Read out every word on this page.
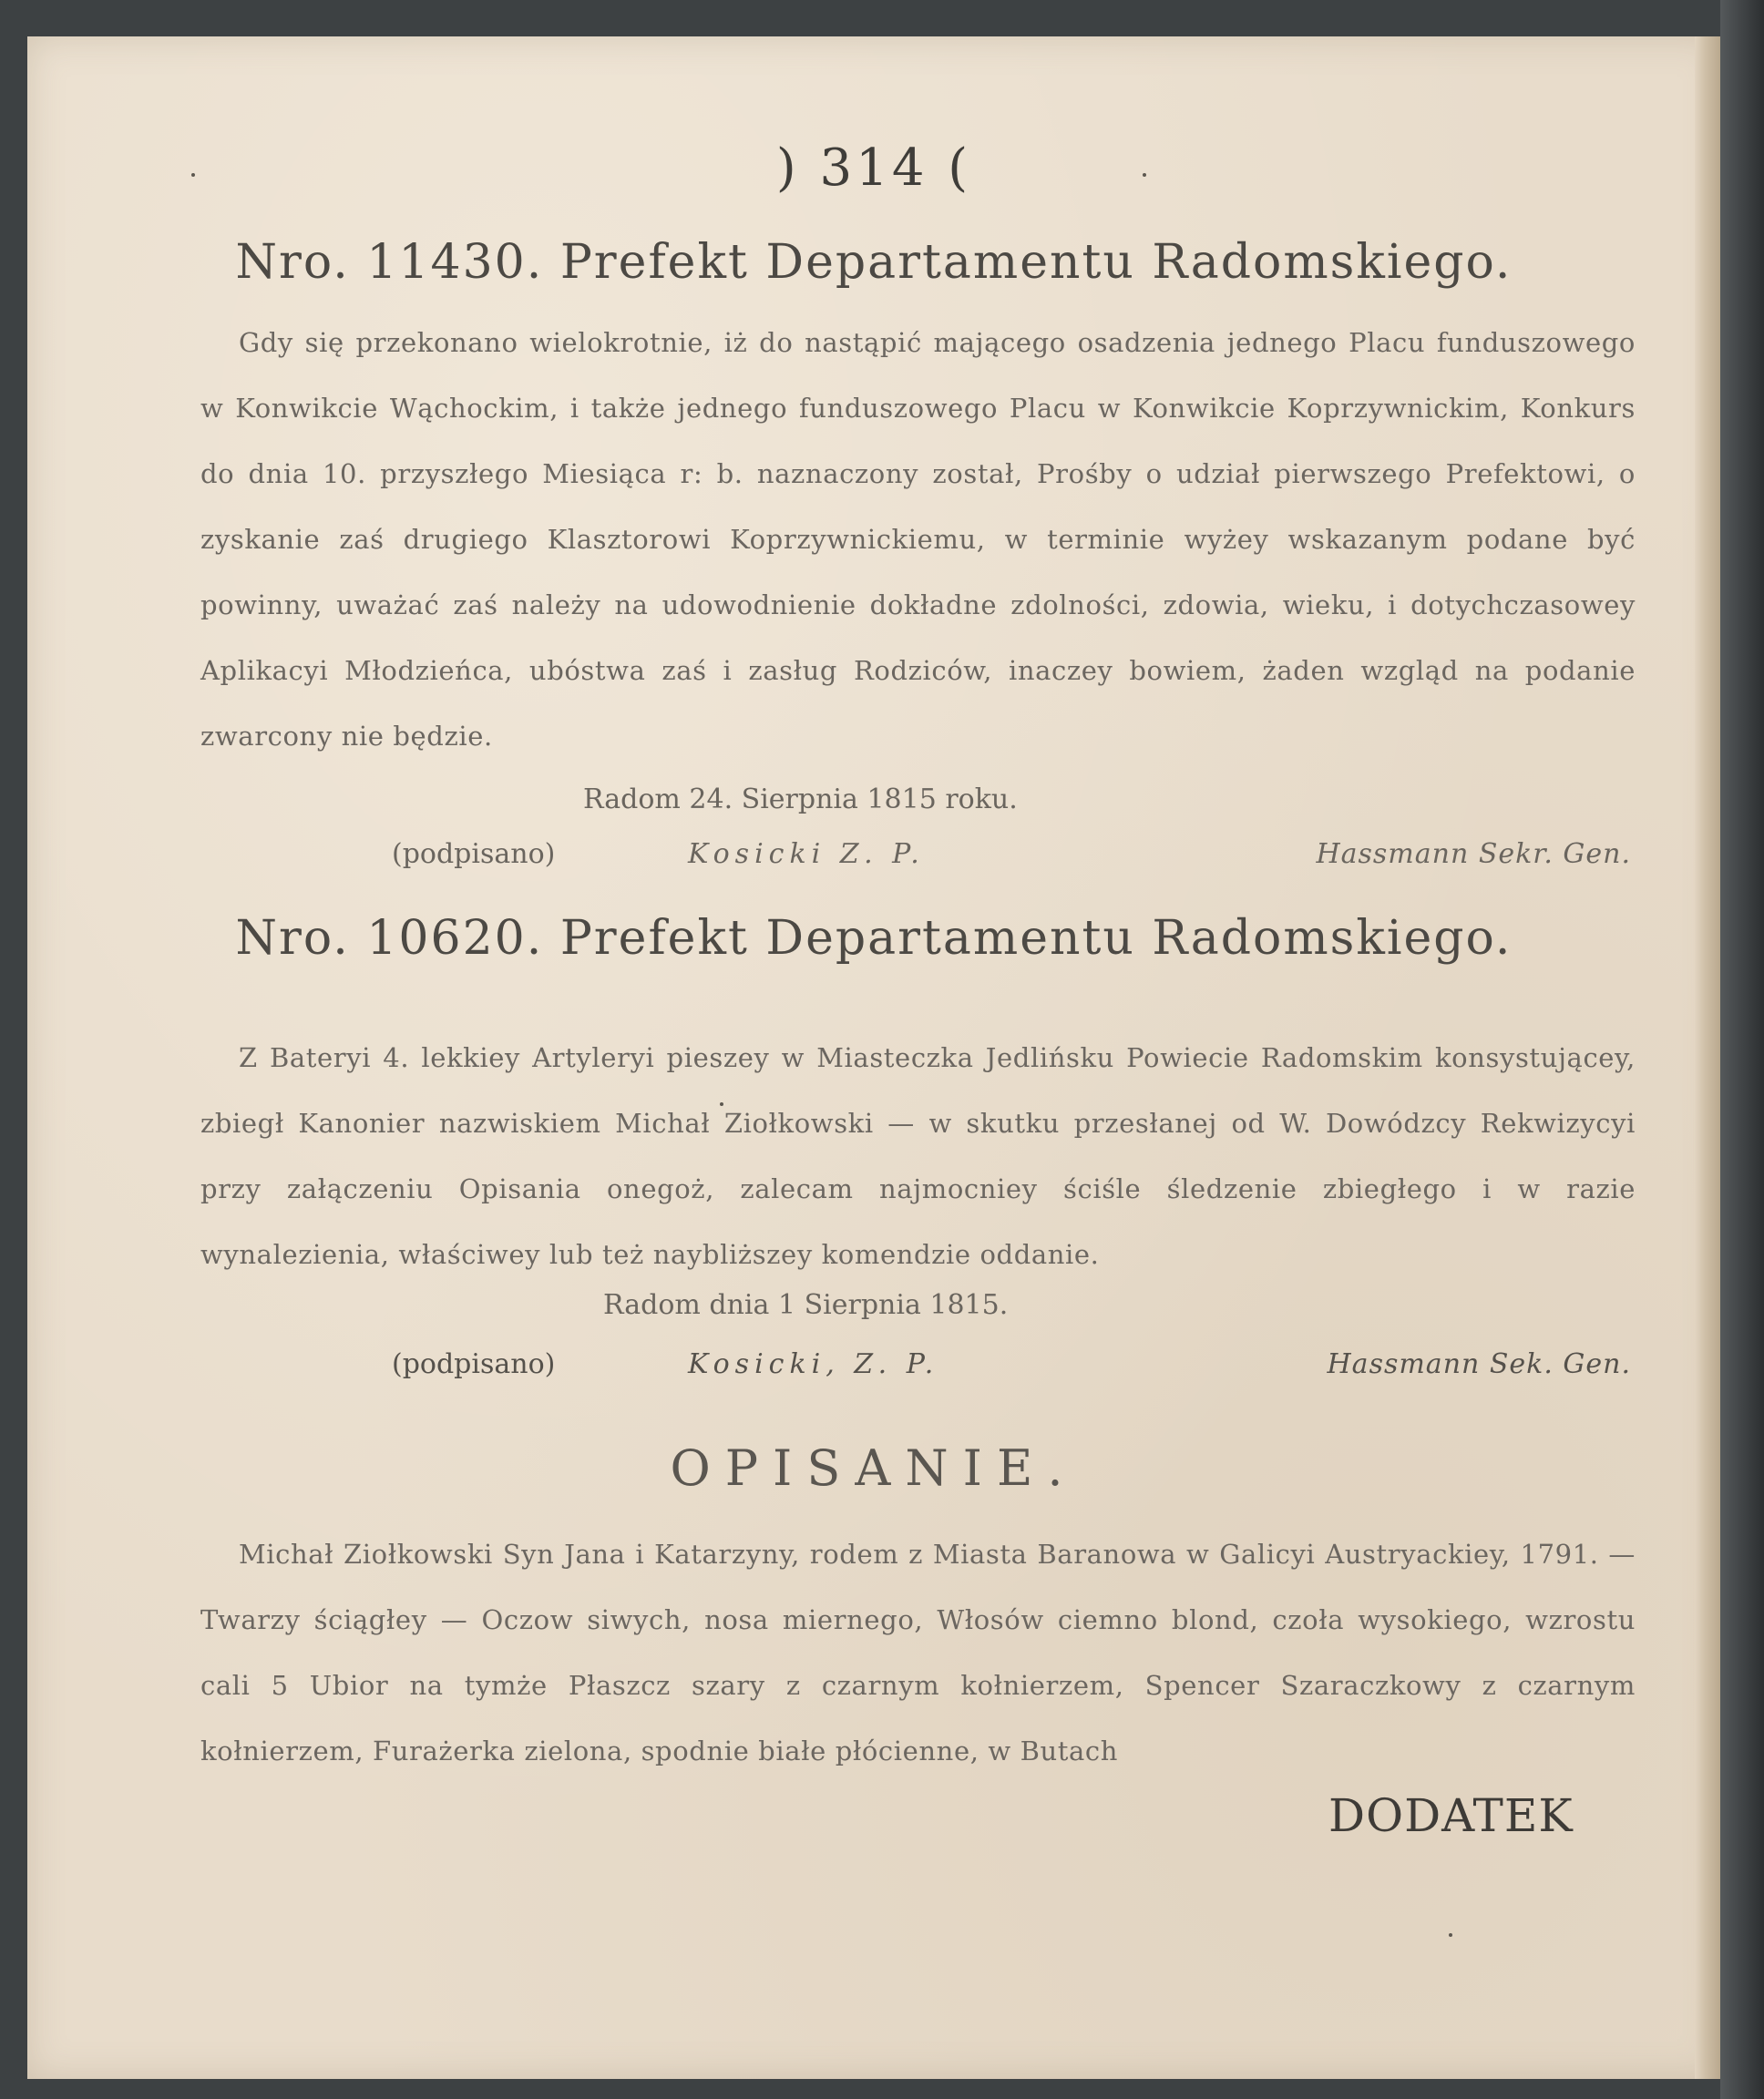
) 314 (
Nro. 11430. Prefekt Departamentu Radomskiego.
Gdy się przekonano wielokrotnie, iż do nastąpić mającego osadzenia jednego Placu funduszowego w Konwikcie Wąchockim, i także jednego funduszowego Placu w Konwikcie Koprzywnickim, Konkurs do dnia 10. przyszłego Miesiąca r: b. naznaczony został, Prośby o udział pierwszego Prefektowi, o zyskanie zaś drugiego Klasztorowi Koprzywnickiemu, w terminie wyżey wskazanym podane być powinny, uważać zaś należy na udowodnienie dokładne zdolności, zdowia, wieku, i dotychczasowey Aplikacyi Młodzieńca, ubóstwa zaś i zasług Rodziców, inaczey bowiem, żaden wzgląd na podanie zwarcony nie będzie.
Radom 24. Sierpnia 1815 roku.
(podpisano)	Kosicki Z. P.	Hassmann Sekr. Gen.
Nro. 10620. Prefekt Departamentu Radomskiego.
Z Bateryi 4. lekkiey Artyleryi pieszey w Miasteczka Jedlińsku Powiecie Radomskim konsystującey, zbiegł Kanonier nazwiskiem Michał Ziołkowski — w skutku przesłanej od W. Dowódzcy Rekwizycyi przy załączeniu Opisania onegoż, zalecam najmocniey ściśle śledzenie zbiegłego i w razie wynalezienia, właściwey lub też naybliższey komendzie oddanie.
Radom dnia 1 Sierpnia 1815.
(podpisano)	Kosicki, Z. P.	Hassmann Sek. Gen.
OPISANIE.
Michał Ziołkowski Syn Jana i Katarzyny, rodem z Miasta Baranowa w Galicyi Austryackiey, 1791. — Twarzy ściągłey — Oczow siwych, nosa miernego, Włosów ciemno blond, czoła wysokiego, wzrostu cali 5 Ubior na tymże Płaszcz szary z czarnym kołnierzem, Spencer Szaraczkowy z czarnym kołnierzem, Furażerka zielona, spodnie białe płócienne, w Butach
DODATEK
